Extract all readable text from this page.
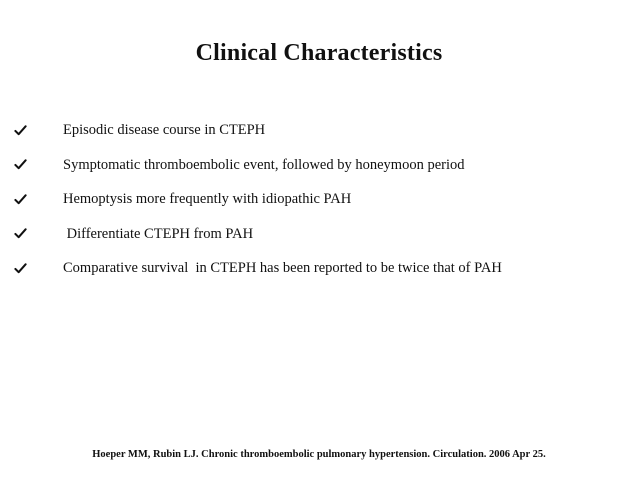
Clinical Characteristics
Episodic disease course in CTEPH
Symptomatic thromboembolic event, followed by honeymoon period
Hemoptysis more frequently with idiopathic PAH
Differentiate CTEPH from PAH
Comparative survival  in CTEPH has been reported to be twice that of PAH
Hoeper MM, Rubin LJ. Chronic thromboembolic pulmonary hypertension. Circulation. 2006 Apr 25.
